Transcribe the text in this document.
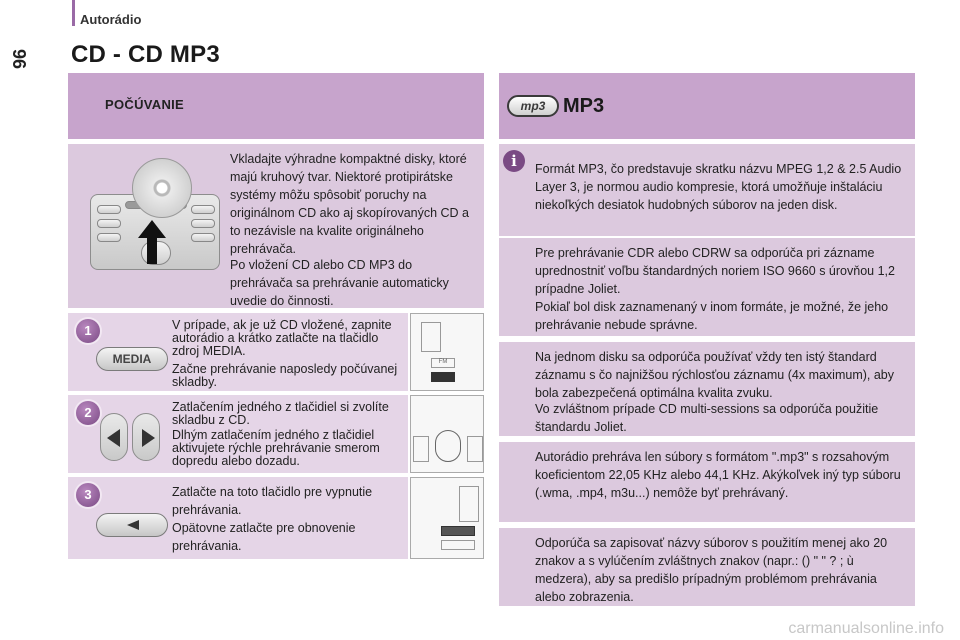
Autorádio
96 CD - CD MP3
POČÚVANIE
Vkladajte výhradne kompaktné disky, ktoré majú kruhový tvar. Niektoré protipirátske systémy môžu spôsobiť poruchy na originálnom CD ako aj skopírovaných CD a to nezávisle na kvalite originálneho prehrávača.
Po vložení CD alebo CD MP3 do prehrávača sa prehrávanie automaticky uvedie do činnosti.
1
MEDIA
V prípade, ak je už CD vložené, zapnite autorádio a krátko zatlačte na tlačidlo zdroj MEDIA.
Začne prehrávanie naposledy počúvanej skladby.
2	Zatlačením jedného z tlačidiel si zvolíte skladbu z CD.
Dlhým zatlačením jedného z tlačidiel aktivujete rýchle prehrávanie smerom dopredu alebo dozadu.
3	Zatlačte na toto tlačidlo pre vypnutie prehrávania.
Opätovne zatlačte pre obnovenie prehrávania.
FM
mp3 MP3
i	Formát MP3, čo predstavuje skratku názvu MPEG 1,2 & 2.5 Audio Layer 3, je normou audio kompresie, ktorá umožňuje inštaláciu niekoľkých desiatok hudobných súborov na jeden disk.
Pre prehrávanie CDR alebo CDRW sa odporúča pri zázname uprednostniť voľbu štandardných noriem ISO 9660 s úrovňou 1,2 prípadne Joliet.
Pokiaľ bol disk zaznamenaný v inom formáte, je možné, že jeho prehrávanie nebude správne.
Na jednom disku sa odporúča používať vždy ten istý štandard záznamu s čo najnižšou rýchlosťou záznamu (4x maximum), aby bola zabezpečená optimálna kvalita zvuku.
Vo zvláštnom prípade CD multi-sessions sa odporúča použitie štandardu Joliet.
Autorádio prehráva len súbory s formátom ".mp3" s rozsahovým koeficientom 22,05 KHz alebo 44,1 KHz. Akýkoľvek iný typ súboru (.wma, .mp4, m3u...) nemôže byť prehrávaný.
Odporúča sa zapisovať názvy súborov s použitím menej ako 20 znakov a s vylúčením zvláštnych znakov (napr.: () " " ? ; ù medzera), aby sa predišlo prípadným problémom prehrávania alebo zobrazenia.
carmanualsonline.info
